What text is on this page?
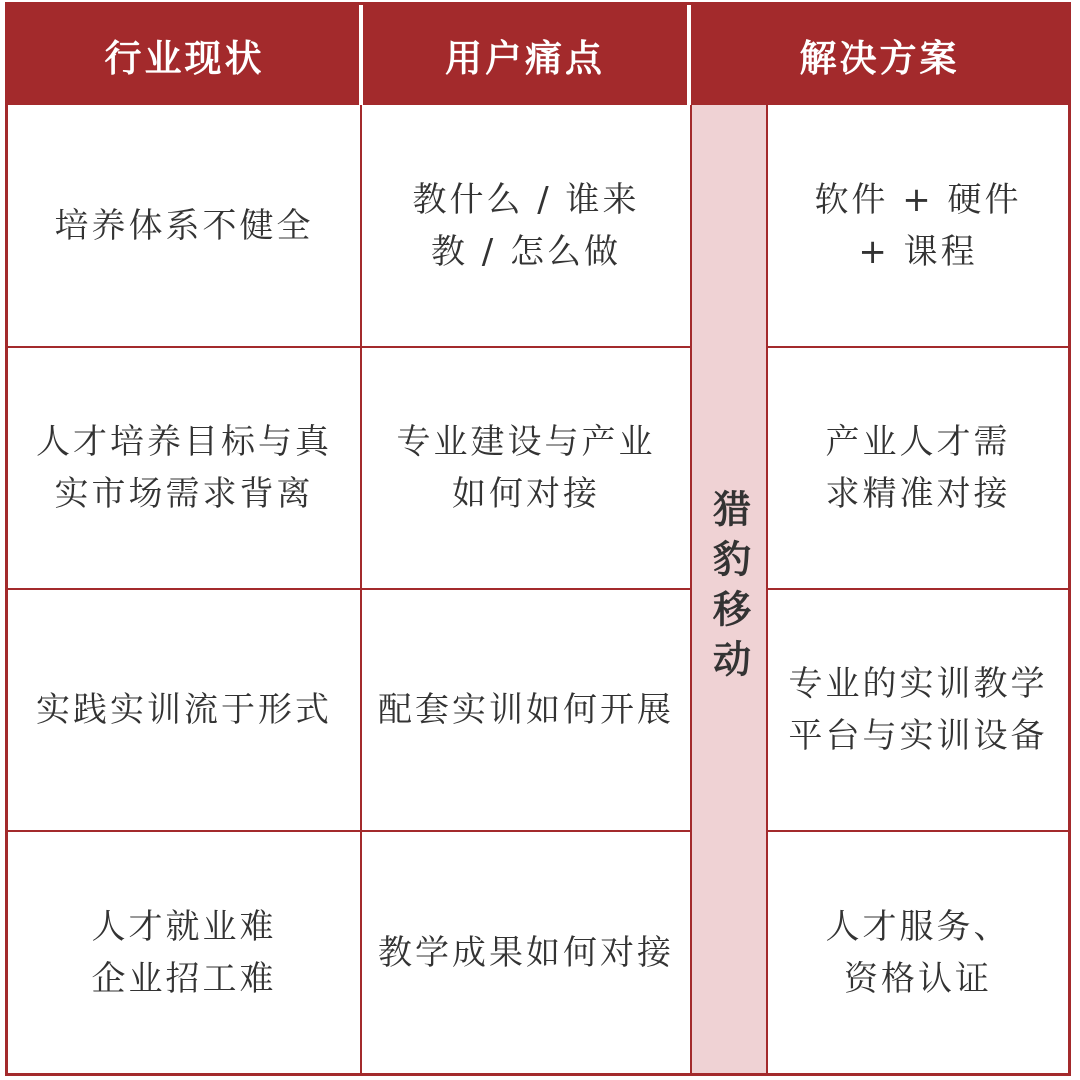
行业现状	用户痛点	解决方案
猎豹移动
培养体系不健全
教什么 / 谁来
教 / 怎么做
软件 + 硬件
+ 课程
人才培养目标与真
实市场需求背离
专业建设与产业
如何对接
产业人才需
求精准对接
实践实训流于形式 配套实训如何开展
专业的实训教学
平台与实训设备
人才就业难
企业招工难
教学成果如何对接
人才服务、
资格认证
